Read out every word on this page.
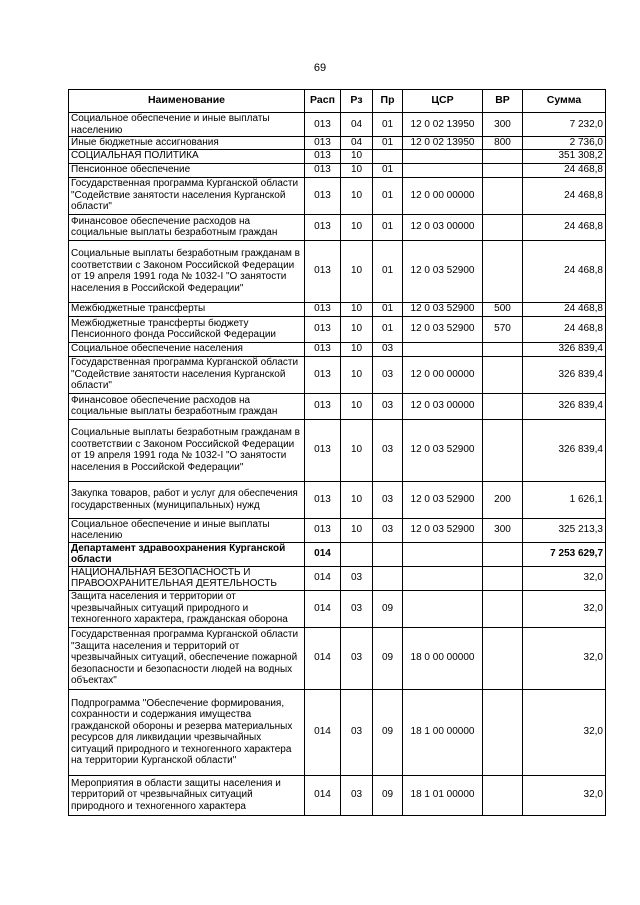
69
Наименование	Расп	Рз	Пр	ЦСР	ВР	Сумма
Социальное обеспечение и иные выплаты населению	013	04	01	12 0 02 13950	300	7 232,0
Иные бюджетные ассигнования	013	04	01	12 0 02 13950	800	2 736,0
СОЦИАЛЬНАЯ ПОЛИТИКА	013	10				351 308,2
Пенсионное обеспечение	013	10	01			24 468,8
Государственная программа Курганской области "Содействие занятости населения Курганской области"	013	10	01	12 0 00 00000		24 468,8
Финансовое обеспечение расходов на социальные выплаты безработным граждан	013	10	01	12 0 03 00000		24 468,8
Социальные выплаты безработным гражданам в соответствии с Законом Российской Федерации от 19 апреля 1991 года № 1032-I "О занятости населения в Российской Федерации"	013	10	01	12 0 03 52900		24 468,8
Межбюджетные трансферты	013	10	01	12 0 03 52900	500	24 468,8
Межбюджетные трансферты бюджету Пенсионного фонда Российской Федерации	013	10	01	12 0 03 52900	570	24 468,8
Социальное обеспечение населения	013	10	03			326 839,4
Государственная программа Курганской области "Содействие занятости населения Курганской области"	013	10	03	12 0 00 00000		326 839,4
Финансовое обеспечение расходов на социальные выплаты безработным граждан	013	10	03	12 0 03 00000		326 839,4
Социальные выплаты безработным гражданам в соответствии с Законом Российской Федерации от 19 апреля 1991 года № 1032-I "О занятости населения в Российской Федерации"	013	10	03	12 0 03 52900		326 839,4
Закупка товаров, работ и услуг для обеспечения государственных (муниципальных) нужд	013	10	03	12 0 03 52900	200	1 626,1
Социальное обеспечение и иные выплаты населению	013	10	03	12 0 03 52900	300	325 213,3
Департамент здравоохранения Курганской области	014					7 253 629,7
НАЦИОНАЛЬНАЯ БЕЗОПАСНОСТЬ И ПРАВООХРАНИТЕЛЬНАЯ ДЕЯТЕЛЬНОСТЬ	014	03				32,0
Защита населения и территории от чрезвычайных ситуаций природного и техногенного характера, гражданская оборона	014	03	09			32,0
Государственная программа Курганской области "Защита населения и территорий от чрезвычайных ситуаций, обеспечение пожарной безопасности и безопасности людей на водных объектах"	014	03	09	18 0 00 00000		32,0
Подпрограмма "Обеспечение формирования, сохранности и содержания имущества гражданской обороны и резерва материальных ресурсов для ликвидации чрезвычайных ситуаций природного и техногенного характера на территории Курганской области"	014	03	09	18 1 00 00000		32,0
Мероприятия в области защиты населения и территорий от чрезвычайных ситуаций природного и техногенного характера	014	03	09	18 1 01 00000		32,0
